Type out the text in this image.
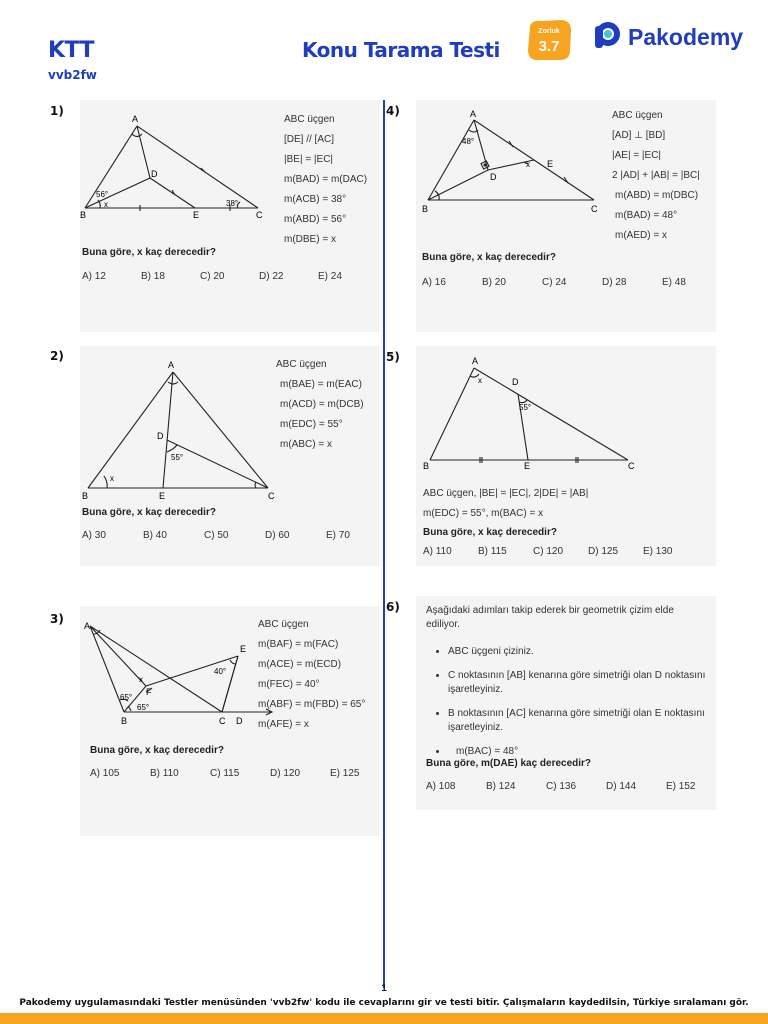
KTT
vvb2fw
Konu Tarama Testi
Zorluk
3.7	Pakodemy
1)
A
B	C
D
E
56°
x	38°
ABC üçgen
[DE] // [AC]
|BE| = |EC|
m(BAD) = m(DAC)
m(ACB) = 38°
m(ABD) = 56°
m(DBE) = x
Buna göre, x kaç derecedir?
A) 12	B) 18	C) 20	D) 22	E) 24
2)
A
B	C
D
E
x
55°
ABC üçgen
m(BAE) = m(EAC)
m(ACD) = m(DCB)
m(EDC) = 55°
m(ABC) = x
Buna göre, x kaç derecedir?
A) 30	B) 40	C) 50	D) 60	E) 70
3) A
B	C D
E
F
40°
x
65°
65°
ABC üçgen
m(BAF) = m(FAC)
m(ACE) = m(ECD)
m(FEC) = 40°
m(ABF) = m(FBD) = 65°
m(AFE) = x
Buna göre, x kaç derecedir?
A) 105	B) 110	C) 115	D) 120	E) 125
4)	A
B	C
D
E
48°
x
ABC üçgen
[AD] ⊥ [BD]
|AE| = |EC|
2 |AD| + |AB| = |BC|
m(ABD) = m(DBC)
m(BAD) = 48°
m(AED) = x
Buna göre, x kaç derecedir?
A) 16	B) 20	C) 24	D) 28	E) 48
5)	A
B	C
D
E
x
55°
ABC üçgen, |BE| = |EC|, 2|DE| = |AB|
m(EDC) = 55°, m(BAC) = x
Buna göre, x kaç derecedir?
A) 110	B) 115	C) 120	D) 125	E) 130
6)	Aşağıdaki adımları takip ederek bir geometrik çizim elde ediliyor.
• ABC üçgeni çiziniz.
• C noktasının [AB] kenarına göre simetriği olan D noktasını işaretleyiniz.
• B noktasının [AC] kenarına göre simetriği olan E noktasını işaretleyiniz.
• m(BAC) = 48°
Buna göre, m(DAE) kaç derecedir?
A) 108	B) 124	C) 136	D) 144	E) 152
1
Pakodemy uygulamasındaki Testler menüsünden 'vvb2fw' kodu ile cevaplarını gir ve testi bitir. Çalışmaların kaydedilsin, Türkiye sıralamanı gör.
